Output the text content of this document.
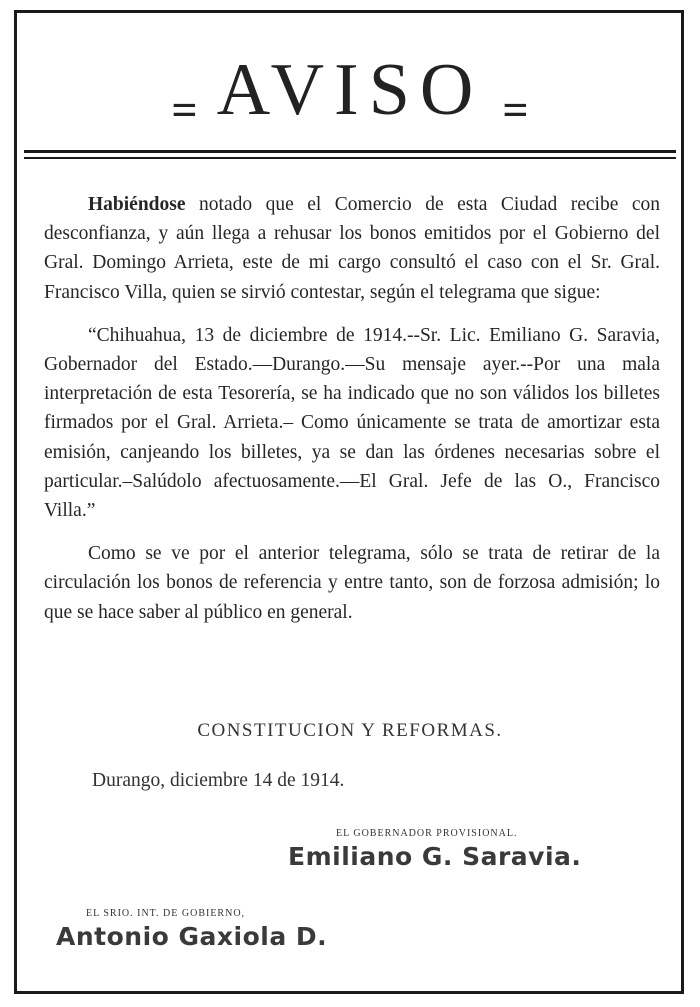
= AVISO =

Habiéndose notado que el Comercio de esta Ciudad recibe con desconfianza, y aún llega a rehusar los bonos emitidos por el Gobierno del Gral. Domingo Arrieta, este de mi cargo consultó el caso con el Sr. Gral. Francisco Villa, quien se sirvió contestar, según el telegrama que sigue:

“Chihuahua, 13 de diciembre de 1914.--Sr. Lic. Emiliano G. Saravia, Gobernador del Estado.—Durango.—Su mensaje ayer.--Por una mala interpretación de esta Tesorería, se ha indicado que no son válidos los billetes firmados por el Gral. Arrieta.– Como únicamente se trata de amortizar esta emisión, canjeando los billetes, ya se dan las órdenes necesarias sobre el particular.–Salúdolo afectuosamente.—El Gral. Jefe de las O., Francisco Villa.”

Como se ve por el anterior telegrama, sólo se trata de retirar de la circulación los bonos de referencia y entre tanto, son de forzosa admisión; lo que se hace saber al público en general.

CONSTITUCION Y REFORMAS.
Durango, diciembre 14 de 1914.
EL GOBERNADOR PROVISIONAL.
Emiliano G. Saravia.
EL SRIO. INT. DE GOBIERNO,
Antonio Gaxiola D.
